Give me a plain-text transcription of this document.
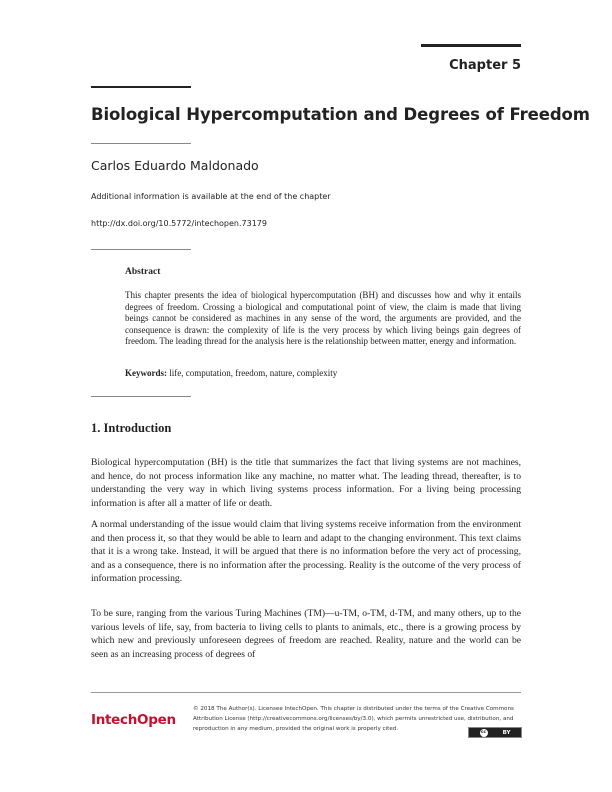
Chapter 5
Biological Hypercomputation and Degrees of Freedom
Carlos Eduardo Maldonado
Additional information is available at the end of the chapter
http://dx.doi.org/10.5772/intechopen.73179
Abstract
This chapter presents the idea of biological hypercomputation (BH) and discusses how and why it entails degrees of freedom. Crossing a biological and computational point of view, the claim is made that living beings cannot be considered as machines in any sense of the word, the arguments are provided, and the consequence is drawn: the complexity of life is the very process by which living beings gain degrees of freedom. The leading thread for the analysis here is the relationship between matter, energy and information.
Keywords: life, computation, freedom, nature, complexity
1. Introduction
Biological hypercomputation (BH) is the title that summarizes the fact that living systems are not machines, and hence, do not process information like any machine, no matter what. The leading thread, thereafter, is to understanding the very way in which living systems process information. For a living being processing information is after all a matter of life or death.
A normal understanding of the issue would claim that living systems receive information from the environment and then process it, so that they would be able to learn and adapt to the changing environment. This text claims that it is a wrong take. Instead, it will be argued that there is no information before the very act of processing, and as a consequence, there is no information after the processing. Reality is the outcome of the very process of information processing.
To be sure, ranging from the various Turing Machines (TM)—u-TM, o-TM, d-TM, and many others, up to the various levels of life, say, from bacteria to living cells to plants to animals, etc., there is a growing process by which new and previously unforeseen degrees of freedom are reached. Reality, nature and the world can be seen as an increasing process of degrees of
IntechOpen
© 2018 The Author(s). Licensee IntechOpen. This chapter is distributed under the terms of the Creative Commons Attribution License (http://creativecommons.org/licenses/by/3.0), which permits unrestricted use, distribution, and reproduction in any medium, provided the original work is properly cited.
cc	BY
